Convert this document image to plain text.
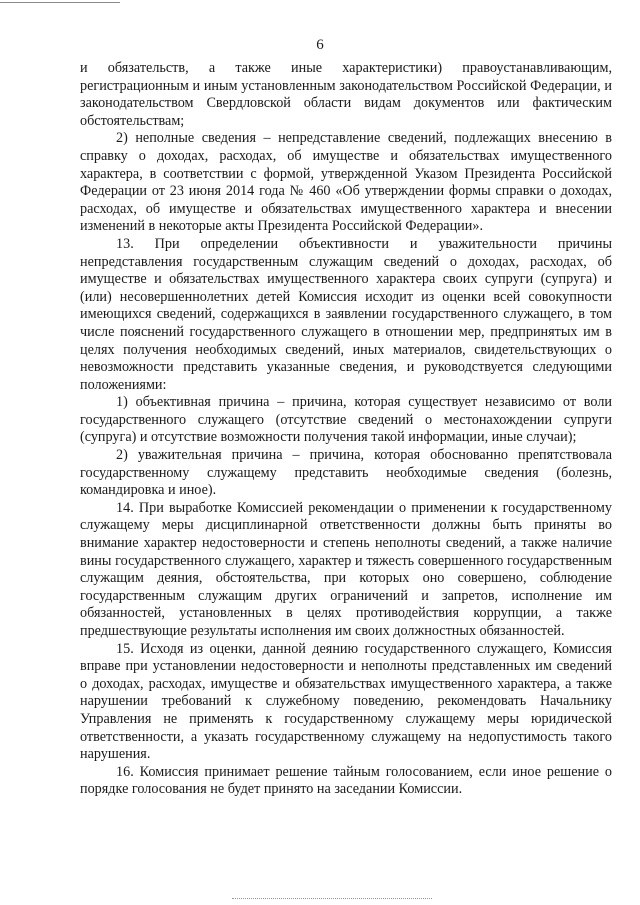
6

и обязательств, а также иные характеристики) правоустанавливающим, регистрационным и иным установленным законодательством Российской Федерации, и законодательством Свердловской области видам документов или фактическим обстоятельствам;

2) неполные сведения – непредставление сведений, подлежащих внесению в справку о доходах, расходах, об имуществе и обязательствах имущественного характера, в соответствии с формой, утвержденной Указом Президента Российской Федерации от 23 июня 2014 года № 460 «Об утверждении формы справки о доходах, расходах, об имуществе и обязательствах имущественного характера и внесении изменений в некоторые акты Президента Российской Федерации».

13. При определении объективности и уважительности причины непредставления государственным служащим сведений о доходах, расходах, об имуществе и обязательствах имущественного характера своих супруги (супруга) и (или) несовершеннолетних детей Комиссия исходит из оценки всей совокупности имеющихся сведений, содержащихся в заявлении государственного служащего, в том числе пояснений государственного служащего в отношении мер, предпринятых им в целях получения необходимых сведений, иных материалов, свидетельствующих о невозможности представить указанные сведения, и руководствуется следующими положениями:

1) объективная причина – причина, которая существует независимо от воли государственного служащего (отсутствие сведений о местонахождении супруги (супруга) и отсутствие возможности получения такой информации, иные случаи);

2) уважительная причина – причина, которая обоснованно препятствовала государственному служащему представить необходимые сведения (болезнь, командировка и иное).

14. При выработке Комиссией рекомендации о применении к государственному служащему меры дисциплинарной ответственности должны быть приняты во внимание характер недостоверности и степень неполноты сведений, а также наличие вины государственного служащего, характер и тяжесть совершенного государственным служащим деяния, обстоятельства, при которых оно совершено, соблюдение государственным служащим других ограничений и запретов, исполнение им обязанностей, установленных в целях противодействия коррупции, а также предшествующие результаты исполнения им своих должностных обязанностей.

15. Исходя из оценки, данной деянию государственного служащего, Комиссия вправе при установлении недостоверности и неполноты представленных им сведений о доходах, расходах, имуществе и обязательствах имущественного характера, а также нарушении требований к служебному поведению, рекомендовать Начальнику Управления не применять к государственному служащему меры юридической ответственности, а указать государственному служащему на недопустимость такого нарушения.

16. Комиссия принимает решение тайным голосованием, если иное решение о порядке голосования не будет принято на заседании Комиссии.
